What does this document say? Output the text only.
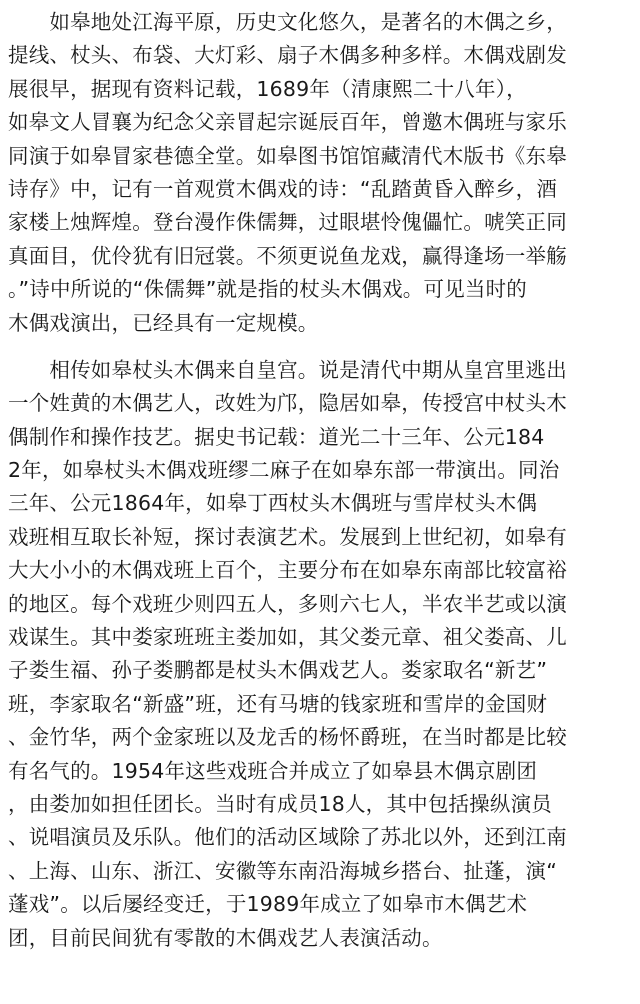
　　如皋地处江海平原，历史文化悠久，是著名的木偶之乡，
提线、杖头、布袋、大灯彩、扇子木偶多种多样。木偶戏剧发
展很早，据现有资料记载，1689年（清康熙二十八年），
如皋文人冒襄为纪念父亲冒起宗诞辰百年，曾邀木偶班与家乐
同演于如皋冒家巷德全堂。如皋图书馆馆藏清代木版书《东皋
诗存》中，记有一首观赏木偶戏的诗：“乱踏黄昏入醉乡，酒
家楼上烛辉煌。登台漫作侏儒舞，过眼堪怜傀儡忙。唬笑正同
真面目，优伶犹有旧冠裳。不须更说鱼龙戏，赢得逢场一举觞
。”诗中所说的“侏儒舞”就是指的杖头木偶戏。可见当时的
木偶戏演出，已经具有一定规模。
　　相传如皋杖头木偶来自皇宫。说是清代中期从皇宫里逃出
一个姓黄的木偶艺人，改姓为邝，隐居如皋，传授宫中杖头木
偶制作和操作技艺。据史书记载：道光二十三年、公元184
2年，如皋杖头木偶戏班缪二麻子在如皋东部一带演出。同治
三年、公元1864年，如皋丁西杖头木偶班与雪岸杖头木偶
戏班相互取长补短，探讨表演艺术。发展到上世纪初，如皋有
大大小小的木偶戏班上百个，主要分布在如皋东南部比较富裕
的地区。每个戏班少则四五人，多则六七人，半农半艺或以演
戏谋生。其中娄家班班主娄加如，其父娄元章、祖父娄高、儿
子娄生福、孙子娄鹏都是杖头木偶戏艺人。娄家取名“新艺”
班，李家取名“新盛”班，还有马塘的钱家班和雪岸的金国财
、金竹华，两个金家班以及龙舌的杨怀爵班，在当时都是比较
有名气的。1954年这些戏班合并成立了如皋县木偶京剧团
，由娄加如担任团长。当时有成员18人，其中包括操纵演员
、说唱演员及乐队。他们的活动区域除了苏北以外，还到江南
、上海、山东、浙江、安徽等东南沿海城乡搭台、扯蓬，演“
蓬戏”。以后屡经变迁，于1989年成立了如皋市木偶艺术
团，目前民间犹有零散的木偶戏艺人表演活动。
